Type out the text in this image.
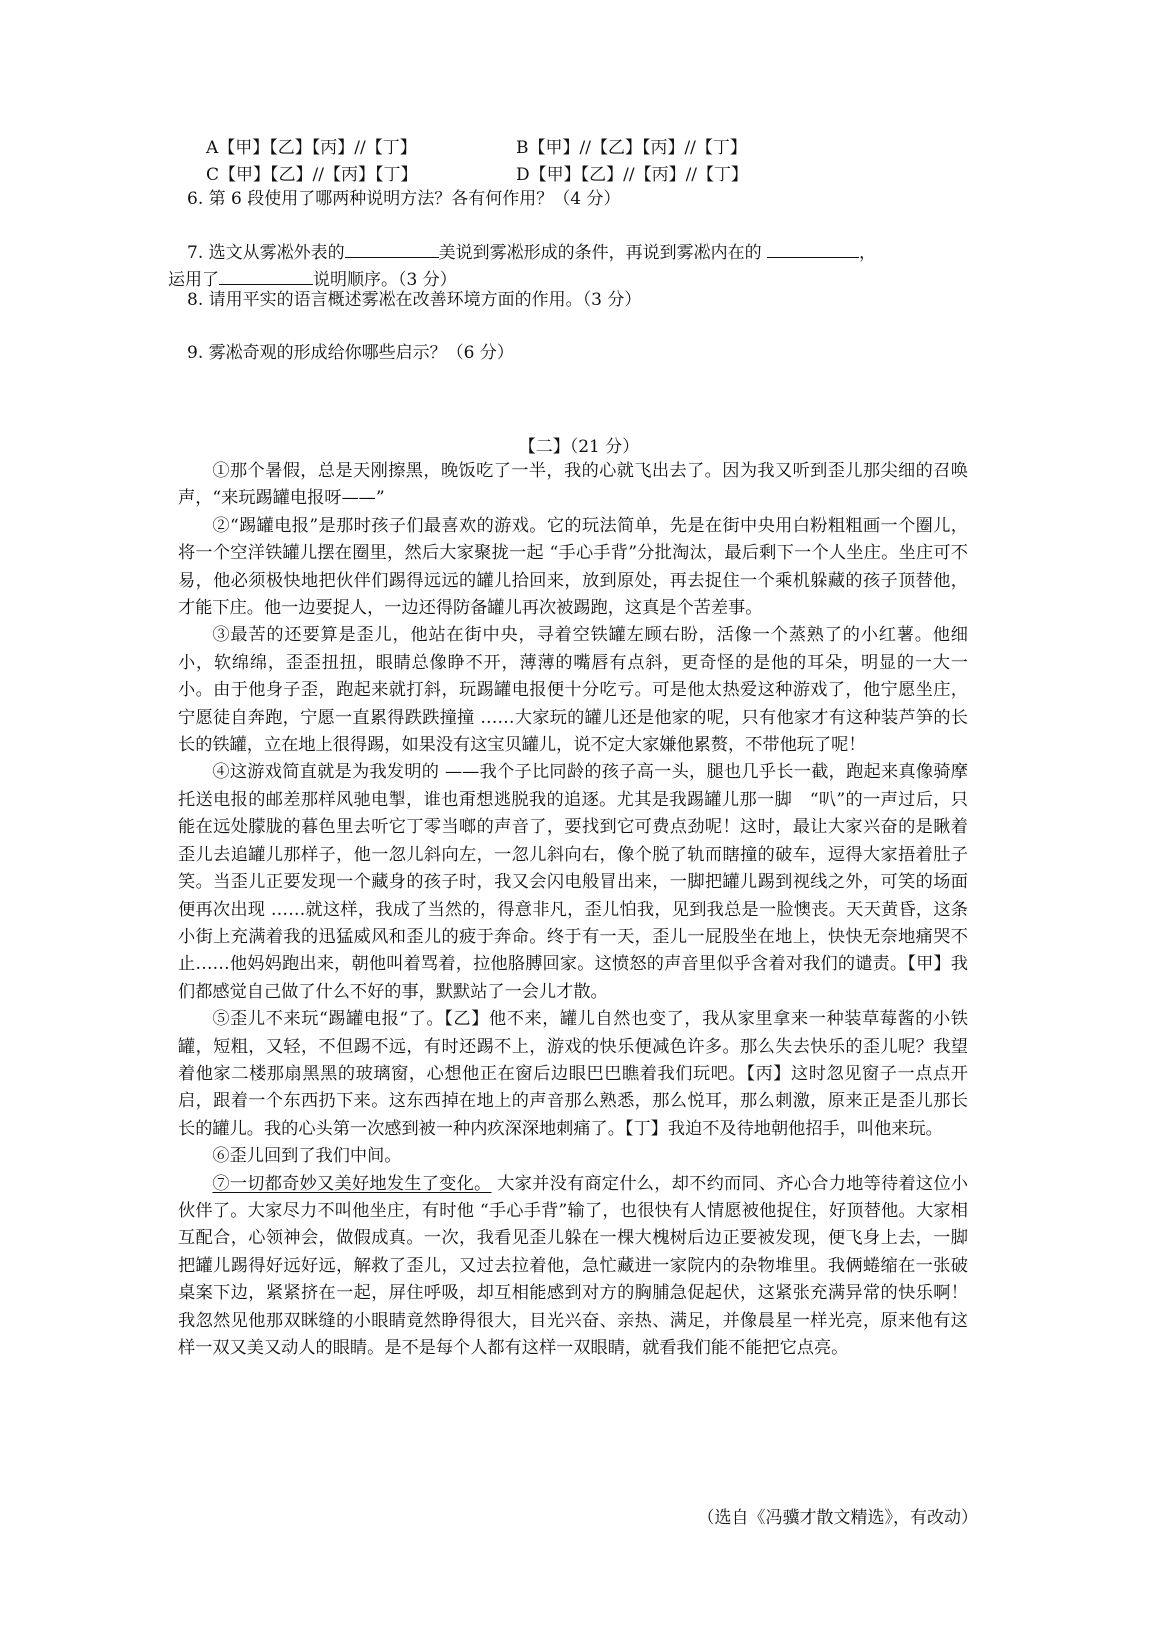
A【甲】【乙】【丙】//【丁】	B【甲】//【乙】【丙】//【丁】
C【甲】【乙】//【丙】【丁】	D【甲】【乙】//【丙】//【丁】
6. 第 6 段使用了哪两种说明方法？各有何作用？（4 分）
7. 选文从雾凇外表的	美说到雾凇形成的条件，再说到雾凇内在的	，
运用了	说明顺序。（3 分）
8. 请用平实的语言概述雾凇在改善环境方面的作用。（3 分）
9. 雾凇奇观的形成给你哪些启示？（6 分）
【二】（21 分）

①那个暑假，总是天刚擦黑，晚饭吃了一半，我的心就飞出去了。因为我又听到歪儿那尖细的召唤声，“来玩踢罐电报呀——”

②“踢罐电报”是那时孩子们最喜欢的游戏。它的玩法简单，先是在街中央用白粉粗粗画一个圈儿，将一个空洋铁罐儿摆在圈里，然后大家聚拢一起 “手心手背”分批淘汰，最后剩下一个人坐庄。坐庄可不易，他必须极快地把伙伴们踢得远远的罐儿拾回来，放到原处，再去捉住一个乘机躲藏的孩子顶替他，才能下庄。他一边要捉人，一边还得防备罐儿再次被踢跑，这真是个苦差事。

③最苦的还要算是歪儿，他站在街中央，寻着空铁罐左顾右盼，活像一个蒸熟了的小红薯。他细小，软绵绵，歪歪扭扭，眼睛总像睁不开，薄薄的嘴唇有点斜，更奇怪的是他的耳朵，明显的一大一小。由于他身子歪，跑起来就打斜，玩踢罐电报便十分吃亏。可是他太热爱这种游戏了，他宁愿坐庄，宁愿徒自奔跑，宁愿一直累得跌跌撞撞 ……大家玩的罐儿还是他家的呢，只有他家才有这种装芦笋的长长的铁罐，立在地上很得踢，如果没有这宝贝罐儿，说不定大家嫌他累赘，不带他玩了呢！

④这游戏简直就是为我发明的 ——我个子比同龄的孩子高一头，腿也几乎长一截，跑起来真像骑摩托送电报的邮差那样风驰电掣，谁也甭想逃脱我的追逐。尤其是我踢罐儿那一脚　“叭”的一声过后，只能在远处朦胧的暮色里去听它丁零当啷的声音了，要找到它可费点劲呢！这时，最让大家兴奋的是瞅着歪儿去追罐儿那样子，他一忽儿斜向左，一忽儿斜向右，像个脱了轨而瞎撞的破车，逗得大家捂着肚子笑。当歪儿正要发现一个藏身的孩子时，我又会闪电般冒出来，一脚把罐儿踢到视线之外，可笑的场面便再次出现 ……就这样，我成了当然的，得意非凡，歪儿怕我，见到我总是一脸懊丧。天天黄昏，这条小街上充满着我的迅猛威风和歪儿的疲于奔命。终于有一天，歪儿一屁股坐在地上，快快无奈地痛哭不止……他妈妈跑出来，朝他叫着骂着，拉他胳膊回家。这愤怒的声音里似乎含着对我们的谴责。【甲】我们都感觉自己做了什么不好的事，默默站了一会儿才散。

⑤歪儿不来玩“踢罐电报“了。【乙】他不来，罐儿自然也变了，我从家里拿来一种装草莓酱的小铁罐，短粗，又轻，不但踢不远，有时还踢不上，游戏的快乐便减色许多。那么失去快乐的歪儿呢？我望着他家二楼那扇黑黑的玻璃窗，心想他正在窗后边眼巴巴瞧着我们玩吧。【丙】这时忽见窗子一点点开启，跟着一个东西扔下来。这东西掉在地上的声音那么熟悉，那么悦耳，那么刺激，原来正是歪儿那长长的罐儿。我的心头第一次感到被一种内疚深深地刺痛了。【丁】我迫不及待地朝他招手，叫他来玩。

⑥歪儿回到了我们中间。

⑦一切都奇妙又美好地发生了变化。 大家并没有商定什么，却不约而同、齐心合力地等待着这位小伙伴了。大家尽力不叫他坐庄，有时他 “手心手背”输了，也很快有人情愿被他捉住，好顶替他。大家相互配合，心领神会，做假成真。一次，我看见歪儿躲在一棵大槐树后边正要被发现，便飞身上去，一脚把罐儿踢得好远好远，解救了歪儿，又过去拉着他，急忙藏进一家院内的杂物堆里。我俩蜷缩在一张破桌案下边，紧紧挤在一起，屏住呼吸，却互相能感到对方的胸脯急促起伏，这紧张充满异常的快乐啊！我忽然见他那双眯缝的小眼睛竟然睁得很大，目光兴奋、亲热、满足，并像晨星一样光亮，原来他有这样一双又美又动人的眼睛。是不是每个人都有这样一双眼睛，就看我们能不能把它点亮。

（选自《冯骥才散文精选》，有改动）
